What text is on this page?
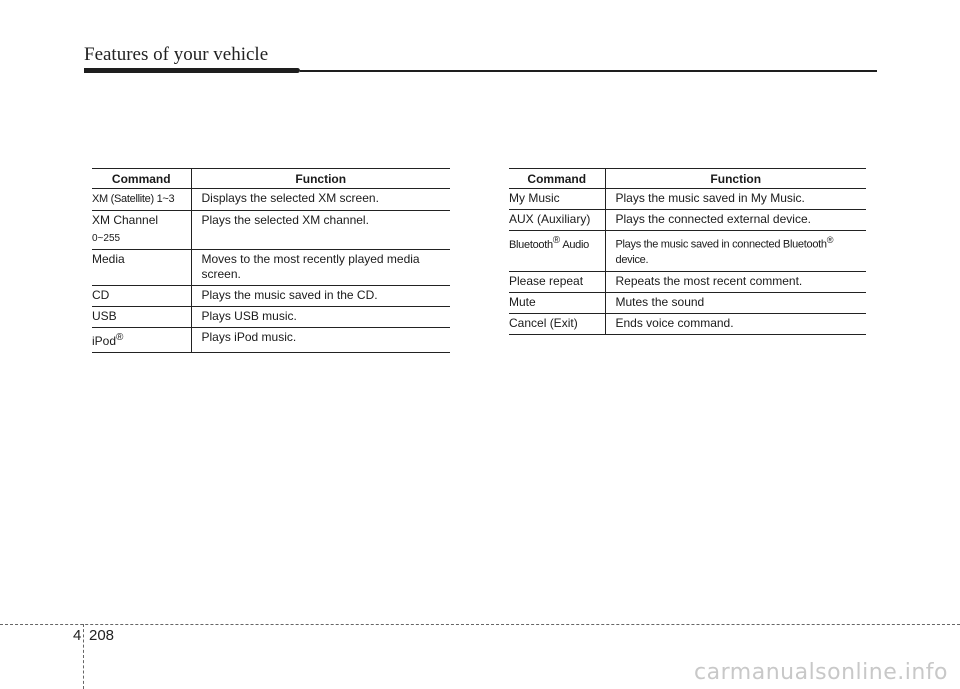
Features of your vehicle
Command	Function
XM (Satellite) 1~3	Displays the selected XM screen.
XM Channel
0~255	Plays the selected XM channel.
Media	Moves to the most recently played media
screen.

CD	Plays the music saved in the CD.
USB	Plays USB music.
iPod®	Plays iPod music.
Command	Function
My Music	Plays the music saved in My Music.
AUX (Auxiliary)	Plays the connected external device.
Bluetooth® Audio	Plays the music saved in connected Bluetooth®
device.

Please repeat	Repeats the most recent comment.
Mute	Mutes the sound
Cancel (Exit)	Ends voice command.
4 208
carmanualsonline.info
